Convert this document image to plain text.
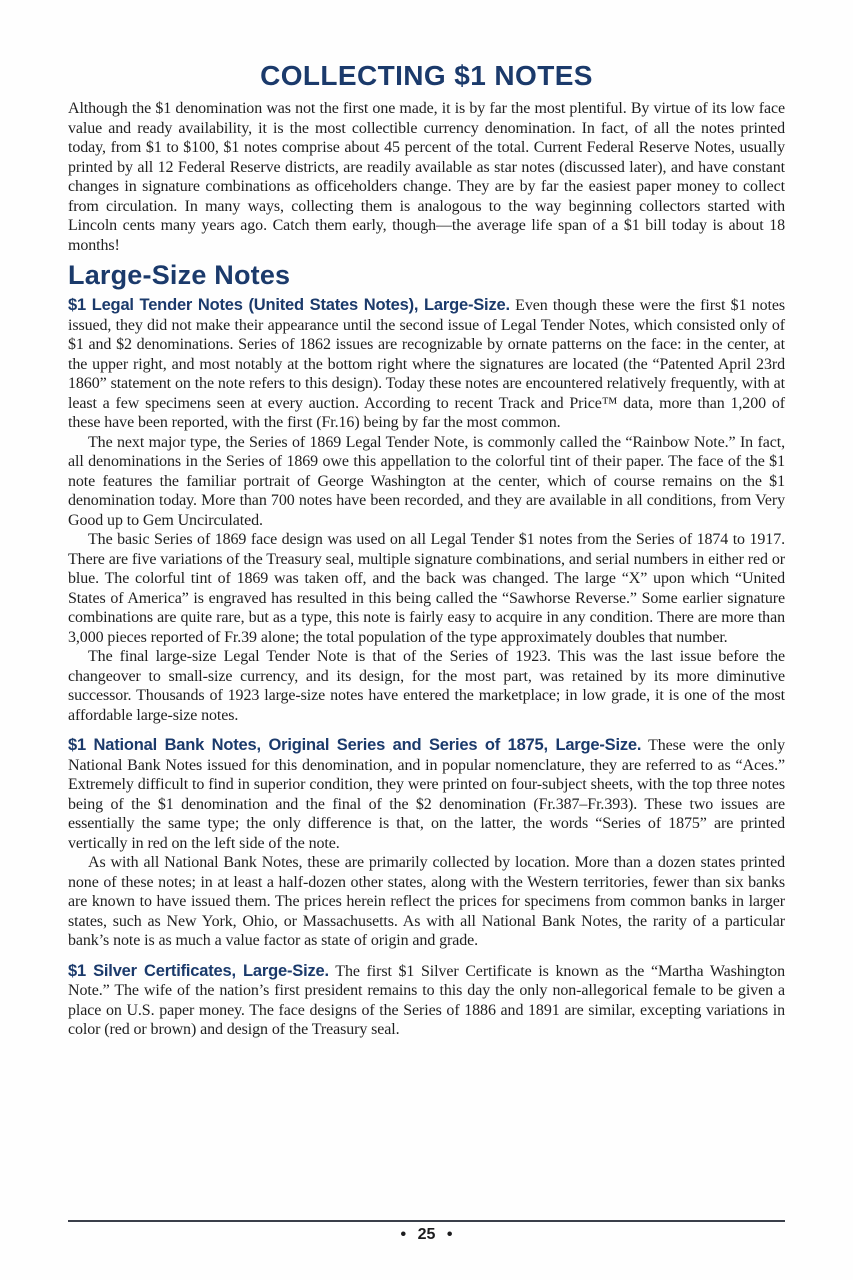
COLLECTING $1 NOTES

Although the $1 denomination was not the first one made, it is by far the most plentiful. By virtue of its low face value and ready availability, it is the most collectible currency denomination. In fact, of all the notes printed today, from $1 to $100, $1 notes comprise about 45 percent of the total. Current Federal Reserve Notes, usually printed by all 12 Federal Reserve districts, are readily available as star notes (discussed later), and have constant changes in signature combinations as officeholders change. They are by far the easiest paper money to collect from circulation. In many ways, collecting them is analogous to the way beginning collectors started with Lincoln cents many years ago. Catch them early, though—the average life span of a $1 bill today is about 18 months!

Large-Size Notes

$1 Legal Tender Notes (United States Notes), Large-Size. Even though these were the first $1 notes issued, they did not make their appearance until the second issue of Legal Tender Notes, which consisted only of $1 and $2 denominations. Series of 1862 issues are recognizable by ornate patterns on the face: in the center, at the upper right, and most notably at the bottom right where the signatures are located (the “Patented April 23rd 1860” statement on the note refers to this design). Today these notes are encountered relatively frequently, with at least a few specimens seen at every auction. According to recent Track and Price™ data, more than 1,200 of these have been reported, with the first (Fr.16) being by far the most common.

The next major type, the Series of 1869 Legal Tender Note, is commonly called the “Rainbow Note.” In fact, all denominations in the Series of 1869 owe this appellation to the colorful tint of their paper. The face of the $1 note features the familiar portrait of George Washington at the center, which of course remains on the $1 denomination today. More than 700 notes have been recorded, and they are available in all conditions, from Very Good up to Gem Uncirculated.

The basic Series of 1869 face design was used on all Legal Tender $1 notes from the Series of 1874 to 1917. There are five variations of the Treasury seal, multiple signature combinations, and serial numbers in either red or blue. The colorful tint of 1869 was taken off, and the back was changed. The large “X” upon which “United States of America” is engraved has resulted in this being called the “Sawhorse Reverse.” Some earlier signature combinations are quite rare, but as a type, this note is fairly easy to acquire in any condition. There are more than 3,000 pieces reported of Fr.39 alone; the total population of the type approximately doubles that number.

The final large-size Legal Tender Note is that of the Series of 1923. This was the last issue before the changeover to small-size currency, and its design, for the most part, was retained by its more diminutive successor. Thousands of 1923 large-size notes have entered the marketplace; in low grade, it is one of the most affordable large-size notes.

$1 National Bank Notes, Original Series and Series of 1875, Large-Size. These were the only National Bank Notes issued for this denomination, and in popular nomenclature, they are referred to as “Aces.” Extremely difficult to find in superior condition, they were printed on four-subject sheets, with the top three notes being of the $1 denomination and the final of the $2 denomination (Fr.387–Fr.393). These two issues are essentially the same type; the only difference is that, on the latter, the words “Series of 1875” are printed vertically in red on the left side of the note.

As with all National Bank Notes, these are primarily collected by location. More than a dozen states printed none of these notes; in at least a half-dozen other states, along with the Western territories, fewer than six banks are known to have issued them. The prices herein reflect the prices for specimens from common banks in larger states, such as New York, Ohio, or Massachusetts. As with all National Bank Notes, the rarity of a particular bank’s note is as much a value factor as state of origin and grade.

$1 Silver Certificates, Large-Size. The first $1 Silver Certificate is known as the “Martha Washington Note.” The wife of the nation’s first president remains to this day the only non-allegorical female to be given a place on U.S. paper money. The face designs of the Series of 1886 and 1891 are similar, excepting variations in color (red or brown) and design of the Treasury seal.

• 25 •
